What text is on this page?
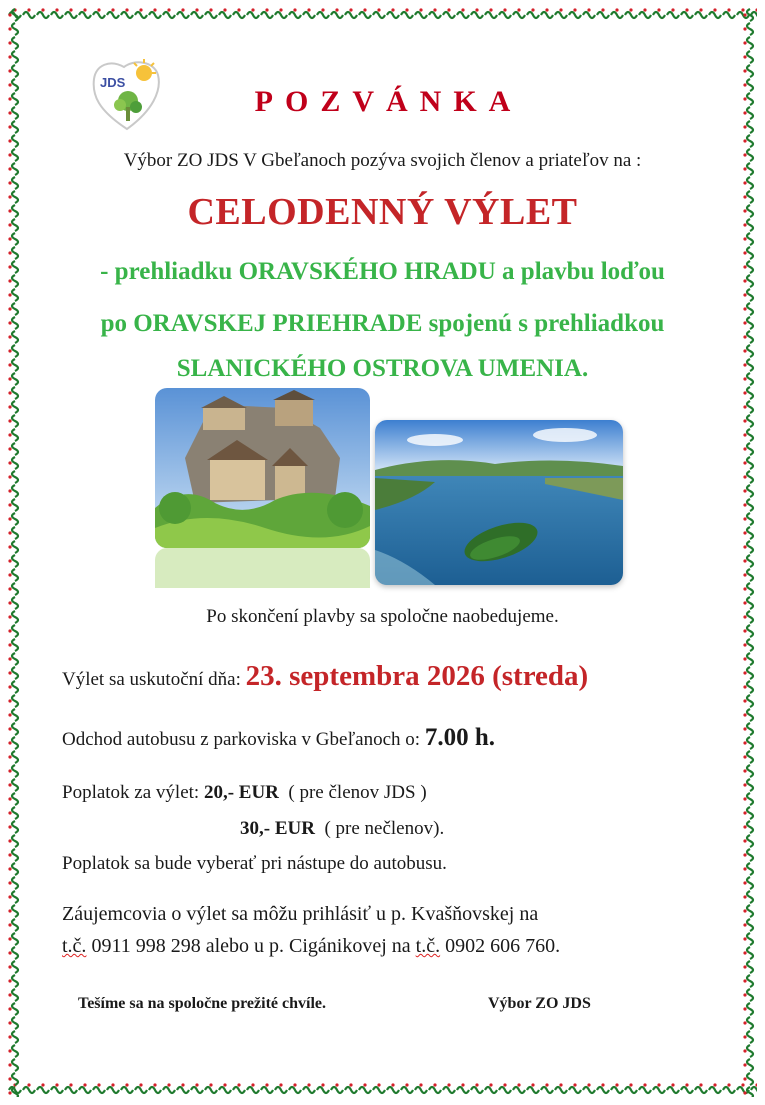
JDS
POZVÁNKA
Výbor ZO JDS V Gbeľanoch pozýva svojich členov a priateľov na :
CELODENNÝ VÝLET
- prehliadku ORAVSKÉHO HRADU a plavbu loďou
po ORAVSKEJ PRIEHRADE spojenú s prehliadkou
SLANICKÉHO OSTROVA UMENIA.
Po skončení plavby sa spoločne naobedujeme.
Výlet sa uskutoční dňa: 23. septembra 2026 (streda)
Odchod autobusu z parkoviska v Gbeľanoch o: 7.00 h.
Poplatok za výlet: 20,- EUR  ( pre členov JDS )
30,- EUR  ( pre nečlenov).
Poplatok sa bude vyberať pri nástupe do autobusu.
Záujemcovia o výlet sa môžu prihlásiť u p. Kvašňovskej na
t.č. 0911 998 298 alebo u p. Cigánikovej na t.č. 0902 606 760.
Tešíme sa na spoločne prežité chvíle.	Výbor ZO JDS
